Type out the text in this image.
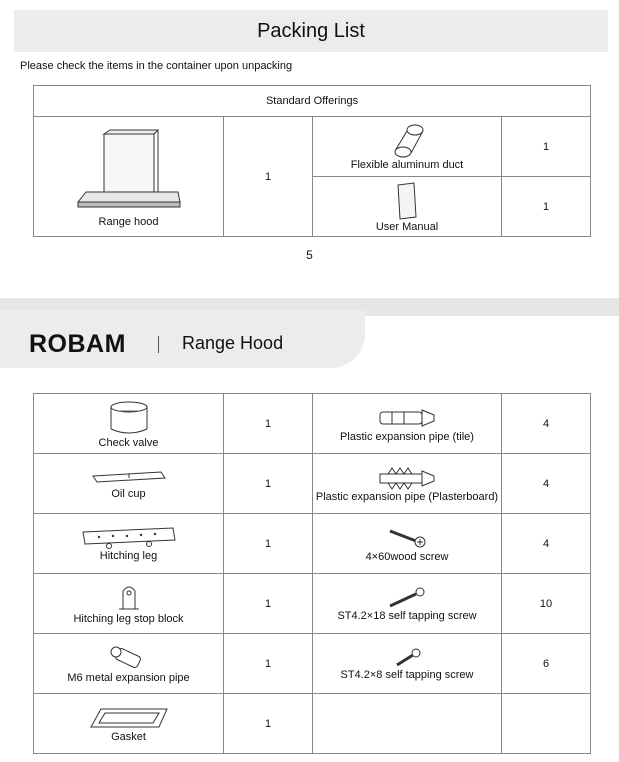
Packing List
Please check the items in the container upon unpacking
Standard Offerings			

Range hood	1	Flexible aluminum duct	1

		User Manual	1
5
ROBAM	Range Hood
Check valve	1	Plastic expansion pipe (tile)	4

Oil cup	1	Plastic expansion pipe (Plasterboard)	4

Hitching leg	1	4×60wood screw	4

Hitching leg stop block	1	ST4.2×18 self tapping screw	10

M6 metal expansion pipe	1	ST4.2×8 self tapping screw	6

Gasket	1		
